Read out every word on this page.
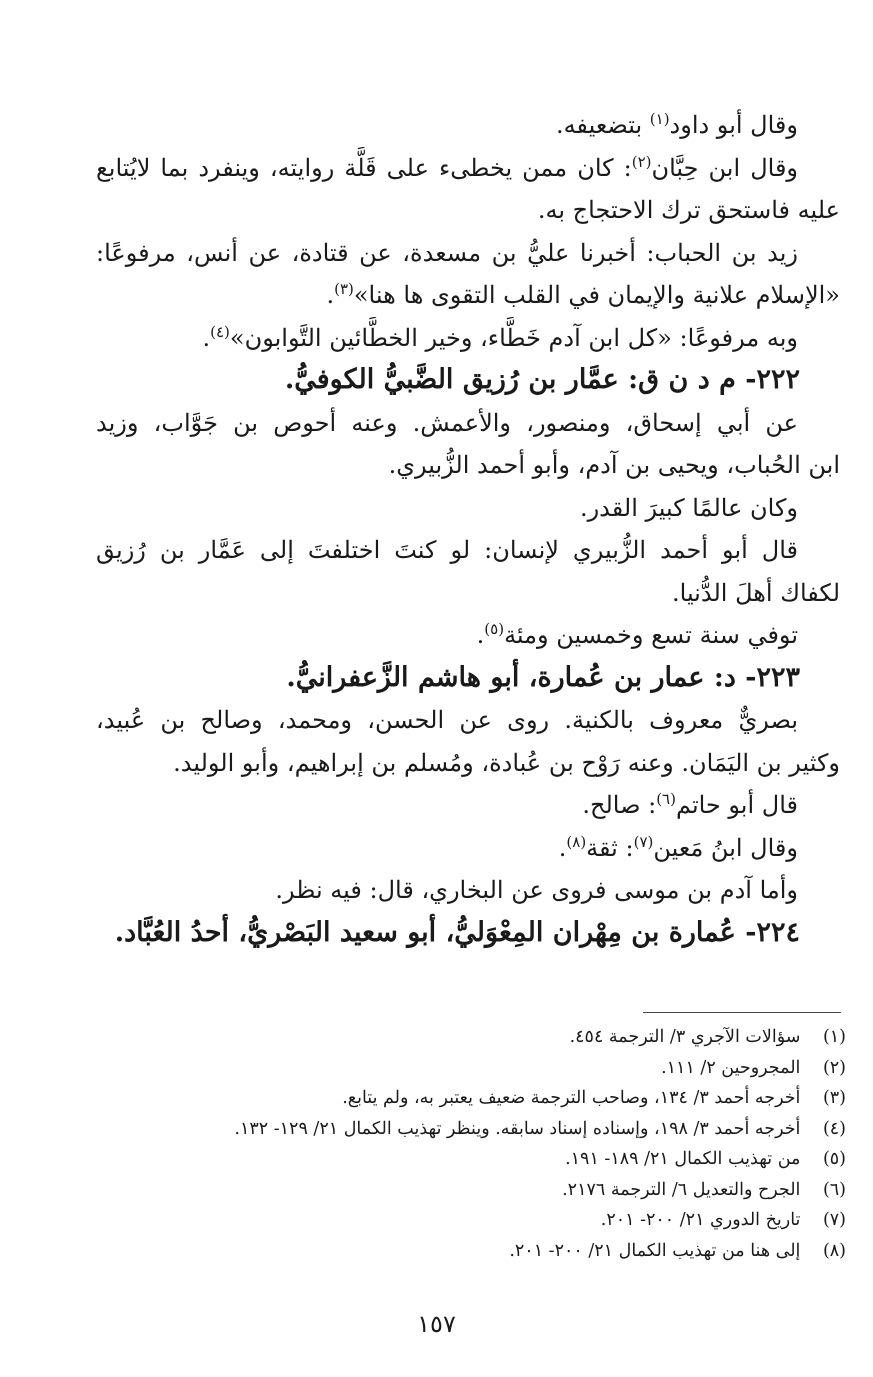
وقال أبو داود$^{(١)}$ بتضعيفه.
وقال ابن حِبَّان$^{(٢)}$: كان ممن يخطىء على قَلَّة روايته، وينفرد بما لايُتابع
عليه فاستحق ترك الاحتجاج به.
زيد بن الحباب: أخبرنا عليُّ بن مسعدة، عن قتادة، عن أنس، مرفوعًا:
«الإسلام علانية والإيمان في القلب التقوى ها هنا»$^{(٣)}$.
وبه مرفوعًا: «كل ابن آدم خَطَّاء، وخير الخطَّائين التَّوابون»$^{(٤)}$.
٢٢٢- م د ن ق: عمَّار بن رُزيق الضَّبيُّ الكوفيُّ.
عن أبي إسحاق، ومنصور، والأعمش. وعنه أحوص بن جَوَّاب، وزيد
ابن الحُباب، ويحيى بن آدم، وأبو أحمد الزُّبيري.
وكان عالمًا كبيرَ القدر.
قال أبو أحمد الزُّبيري لإنسان: لو كنتَ اختلفتَ إلى عَمَّار بن رُزيق
لكفاك أهلَ الدُّنيا.
توفي سنة تسع وخمسين ومئة$^{(٥)}$.
٢٢٣- د: عمار بن عُمارة، أبو هاشم الزَّعفرانيُّ.
بصريٌّ معروف بالكنية. روى عن الحسن، ومحمد، وصالح بن عُبيد،
وكثير بن اليَمَان. وعنه رَوْح بن عُبادة، ومُسلم بن إبراهيم، وأبو الوليد.
قال أبو حاتم$^{(٦)}$: صالح.
وقال ابنُ مَعين$^{(٧)}$: ثقة$^{(٨)}$.
وأما آدم بن موسى فروى عن البخاري، قال: فيه نظر.
٢٢٤- عُمارة بن مِهْران المِعْوَليُّ، أبو سعيد البَصْريُّ، أحدُ العُبَّاد.
(١) سؤالات الآجري ٣/ الترجمة ٤٥٤.
(٢) المجروحين ٢/ ١١١.
(٣) أخرجه أحمد ٣/ ١٣٤، وصاحب الترجمة ضعيف يعتبر به، ولم يتابع.
(٤) أخرجه أحمد ٣/ ١٩٨، وإسناده إسناد سابقه. وينظر تهذيب الكمال ٢١/ ١٢٩- ١٣٢.
(٥) من تهذيب الكمال ٢١/ ١٨٩- ١٩١.
(٦) الجرح والتعديل ٦/ الترجمة ٢١٧٦.
(٧) تاريخ الدوري ٢١/ ٢٠٠- ٢٠١.
(٨) إلى هنا من تهذيب الكمال ٢١/ ٢٠٠- ٢٠١.
١٥٧
